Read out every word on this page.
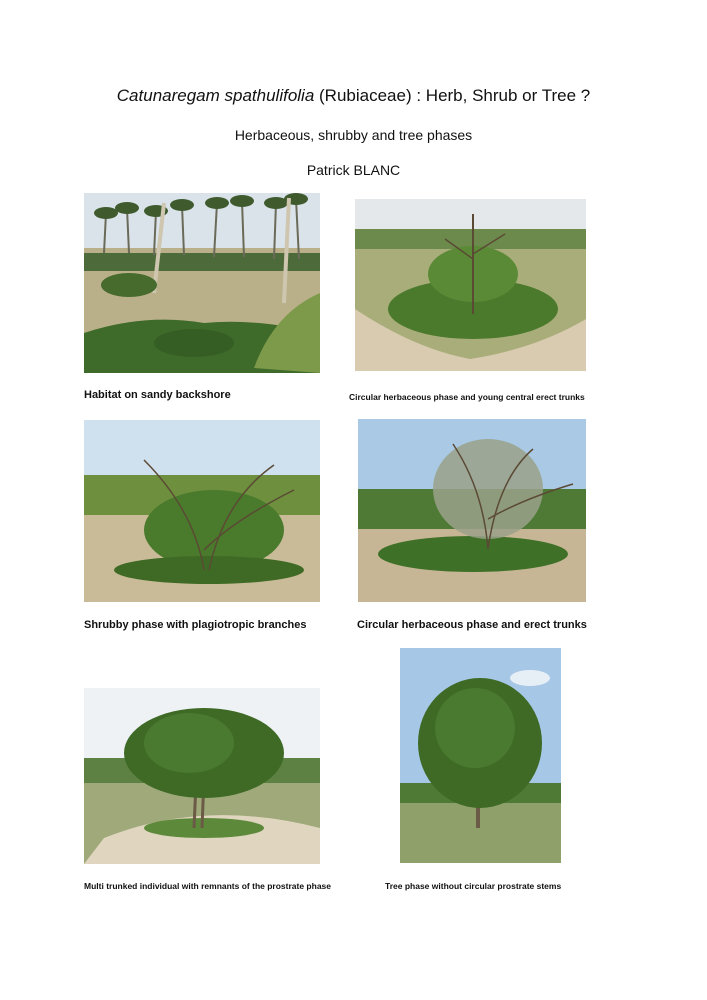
Catunaregam spathulifolia (Rubiaceae) : Herb, Shrub or Tree ?
Herbaceous, shrubby and tree phases
Patrick BLANC
Habitat on sandy backshore	Circular herbaceous phase and young central erect trunks
Shrubby phase with plagiotropic branches	Circular herbaceous phase and erect trunks
Multi trunked individual with remnants of the prostrate phase	Tree phase without circular prostrate stems
